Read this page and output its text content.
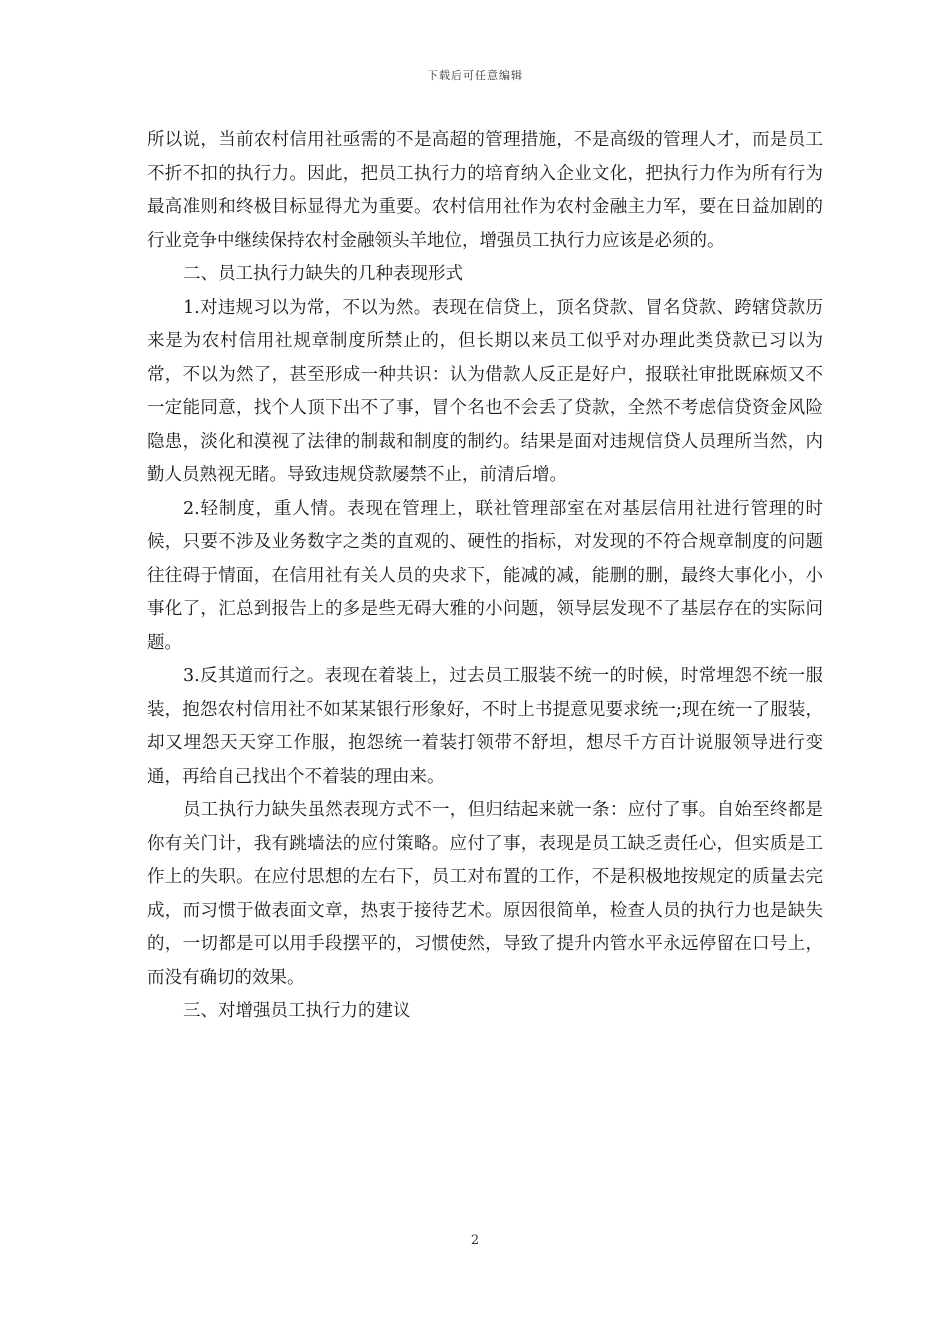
下载后可任意编辑

所以说，当前农村信用社亟需的不是高超的管理措施，不是高级的管理人才，而是员工不折不扣的执行力。因此，把员工执行力的培育纳入企业文化，把执行力作为所有行为最高准则和终极目标显得尤为重要。农村信用社作为农村金融主力军，要在日益加剧的行业竞争中继续保持农村金融领头羊地位，增强员工执行力应该是必须的。

二、员工执行力缺失的几种表现形式

1.对违规习以为常，不以为然。表现在信贷上，顶名贷款、冒名贷款、跨辖贷款历来是为农村信用社规章制度所禁止的，但长期以来员工似乎对办理此类贷款已习以为常，不以为然了，甚至形成一种共识：认为借款人反正是好户，报联社审批既麻烦又不一定能同意，找个人顶下出不了事，冒个名也不会丢了贷款，全然不考虑信贷资金风险隐患，淡化和漠视了法律的制裁和制度的制约。结果是面对违规信贷人员理所当然，内勤人员熟视无睹。导致违规贷款屡禁不止，前清后增。

2.轻制度，重人情。表现在管理上，联社管理部室在对基层信用社进行管理的时候，只要不涉及业务数字之类的直观的、硬性的指标，对发现的不符合规章制度的问题往往碍于情面，在信用社有关人员的央求下，能减的减，能删的删，最终大事化小，小事化了，汇总到报告上的多是些无碍大雅的小问题，领导层发现不了基层存在的实际问题。

3.反其道而行之。表现在着装上，过去员工服装不统一的时候，时常埋怨不统一服装，抱怨农村信用社不如某某银行形象好，不时上书提意见要求统一;现在统一了服装，却又埋怨天天穿工作服，抱怨统一着装打领带不舒坦，想尽千方百计说服领导进行变通，再给自己找出个不着装的理由来。

员工执行力缺失虽然表现方式不一，但归结起来就一条：应付了事。自始至终都是你有关门计，我有跳墙法的应付策略。应付了事，表现是员工缺乏责任心，但实质是工作上的失职。在应付思想的左右下，员工对布置的工作，不是积极地按规定的质量去完成，而习惯于做表面文章，热衷于接待艺术。原因很简单，检查人员的执行力也是缺失的，一切都是可以用手段摆平的，习惯使然，导致了提升内管水平永远停留在口号上，而没有确切的效果。

三、对增强员工执行力的建议

2
